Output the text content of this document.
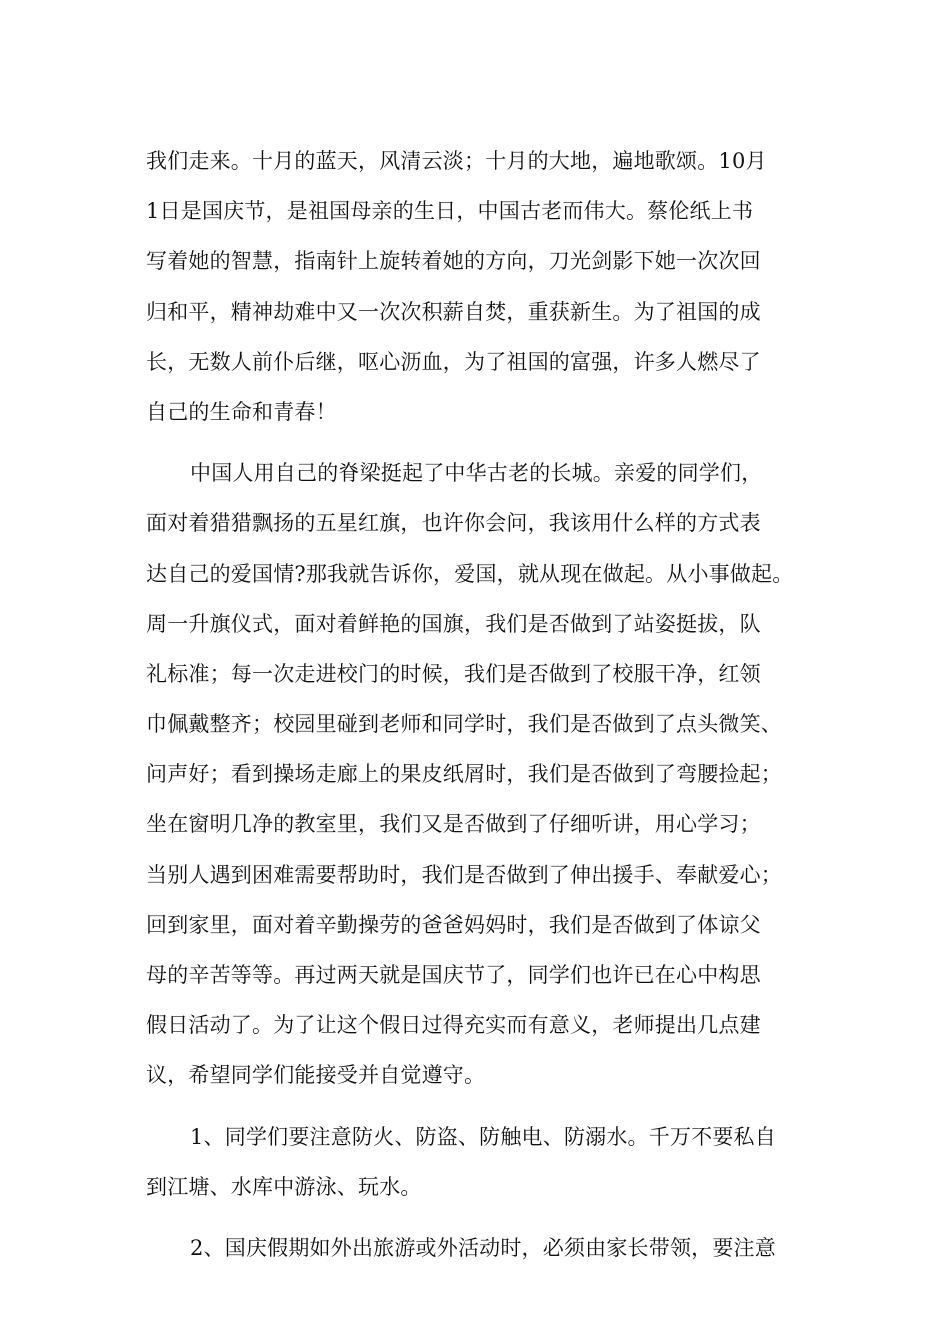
我们走来。十月的蓝天，风清云淡；十月的大地，遍地歌颂。10月
1日是国庆节，是祖国母亲的生日，中国古老而伟大。蔡伦纸上书
写着她的智慧，指南针上旋转着她的方向，刀光剑影下她一次次回
归和平，精神劫难中又一次次积薪自焚，重获新生。为了祖国的成
长，无数人前仆后继，呕心沥血，为了祖国的富强，许多人燃尽了
自己的生命和青春！
中国人用自己的脊梁挺起了中华古老的长城。亲爱的同学们，
面对着猎猎飘扬的五星红旗，也许你会问，我该用什么样的方式表
达自己的爱国情?那我就告诉你，爱国，就从现在做起。从小事做起。
周一升旗仪式，面对着鲜艳的国旗，我们是否做到了站姿挺拔，队
礼标准；每一次走进校门的时候，我们是否做到了校服干净，红领
巾佩戴整齐；校园里碰到老师和同学时，我们是否做到了点头微笑、
问声好；看到操场走廊上的果皮纸屑时，我们是否做到了弯腰捡起；
坐在窗明几净的教室里，我们又是否做到了仔细听讲，用心学习；
当别人遇到困难需要帮助时，我们是否做到了伸出援手、奉献爱心；
回到家里，面对着辛勤操劳的爸爸妈妈时，我们是否做到了体谅父
母的辛苦等等。再过两天就是国庆节了，同学们也许已在心中构思
假日活动了。为了让这个假日过得充实而有意义，老师提出几点建
议，希望同学们能接受并自觉遵守。
1、同学们要注意防火、防盗、防触电、防溺水。千万不要私自
到江塘、水库中游泳、玩水。
2、国庆假期如外出旅游或外活动时，必须由家长带领，要注意
